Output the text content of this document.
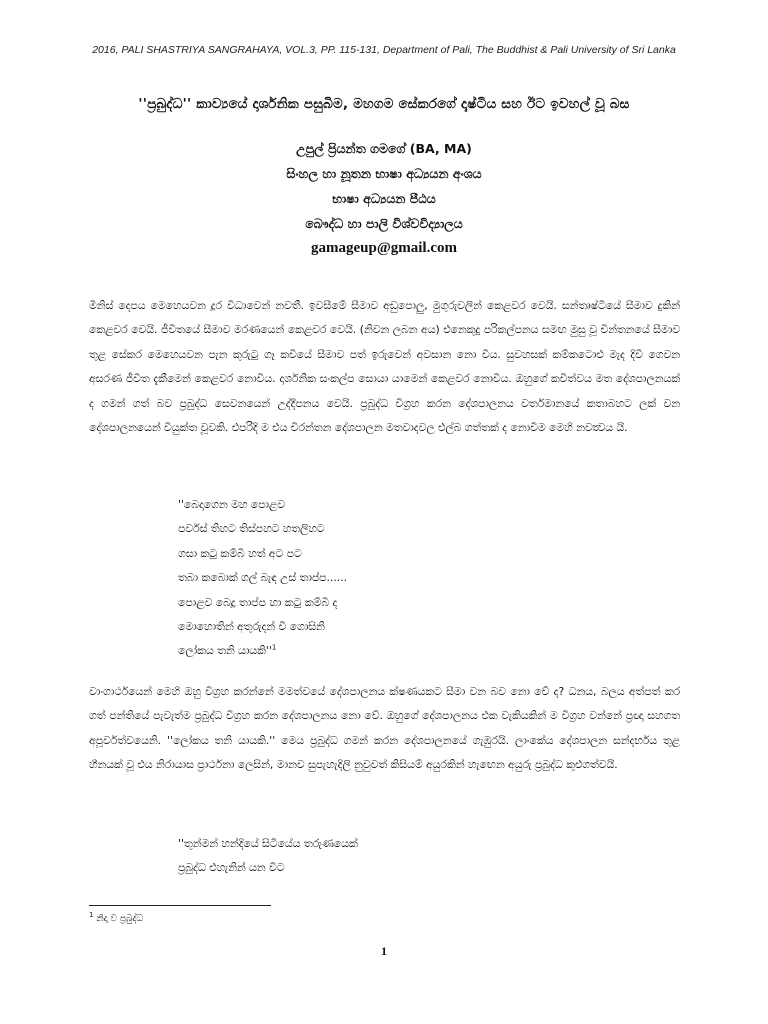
2016, PALI SHASTRIYA SANGRAHAYA, VOL.3, PP. 115-131, Department of Pali, The Buddhist & Pali University of Sri Lanka
''ප්‍රබුද්ධ'' කාව්‍යයේ දාර්ශනික පසුබිම, මහගම සේකරගේ දෘෂ්ටිය සහ ඊට ඉවහල් වූ බස
උපුල් ප්‍රියන්ත ගමගේ (BA, MA)
සිංහල හා නූතන භාෂා අධ්‍යයන අංශය
භාෂා අධ්‍යයන පීඨය
බෞද්ධ හා පාලි විශ්වවිද්‍යාලය
gamageup@gmail.com
මිනිස් දෙපය මෙහෙයවන දූර විධාවෙන් නවතී. ඉවසීමේ සීමාව අඩුපොලු, මුගුරුවලින් කෙළවර වෙයි. සන්තෘෂ්ටියේ සීමාව දුකින් කෙළවර වෙයි. ජීවිතයේ සීමාව මරණයෙන් කෙළවර වෙයි. (නිවන ලබන අය) එනෙකුදු පරිකල්පනය සමඟ මුසු වූ චින්තනයේ සීමාව තුළ සේකර මෙහෙයවන පැන කුරුටු ගෑ කවියේ සීමාව පත් ඉරුවෙන් අවසාන නො වීය. සුවහසක් කම්කටොළු මැද දිවි ගෙවන අසරණ ජීවිත දැකීමෙන් කෙළවර නොවීය. දාර්ශනික සංකල්ප සොයා යාමෙන් කෙළවර නොවීය. ඔහුගේ කවිත්වය මත දේශපාලනයක් ද ගමන් ගත් බව ප්‍රබුද්ධ සෙවනයෙන් උද්දීපනය වෙයි. ප්‍රබුද්ධ විග්‍රහ කරන දේශපාලනය වර්තමානයේ කතාබහට ලක් වන දේශපාලනයෙන් වියුක්ත වූවකි. එපරිදි ම එය චිරන්තන දේශපාලන මතවාදවල එල්බ ගත්තක් ද නොවීම මෙහි නවත්‍වය යි.
''බෙදාගෙන මහ පොළව
පර්වස් තිහට තිස්පහට හතලිහට
ගසා කටු කම්බි හත් අට පට
තබා කබොක් ගල් බැඳ උස් තාප්ප......
පොළව බෙදූ තාප්ප හා කටු කම්බි ද
මොහොතින් අතුරුදන් වී ගොසිනි
ලෝකය තනි $යායකි''^1$
වාංගාර්ථයෙන් මෙහි ඔහු විග්‍රහ කරන්නේ මමත්වයේ දේශපාලනය ක්ෂණයකට සීමා වන බව නො වේ ද? ධනය, බලය අත්පත් කර ගත් පන්තියේ පැවැත්ම ප්‍රබුද්ධ විග්‍රහ කරන දේශපාලනය නො වේ. ඔහුගේ දේශපාලනය එක වැකියකින් ම විග්‍රහ වන්නේ ප්‍රඥා සහගත අපූර්වත්වයෙනි. ''ලෝකය තනි යායකි.'' මෙය ප්‍රබුද්ධ ගමන් කරන දේශපාලනයේ ගැඹුරයි. ලාංකේය දේශපාලන සන්දර්භය තුළ හීනයක් වූ එය නිරායාස ප්‍රාර්ථනා ලෙසින්, මානව සුපැහැදිලි නුවුවත් කිසියම් අයුරකින් හැඟෙන අයුරු ප්‍රබුද්ධ කුළුගත්වයි.
''තුන්මන් හන්දියේ සිටියේය තරුණයෙක්
ප්‍රබුද්ධ එහැනින් යන විට
$^1$ නිදා ව ප්‍රබුද්ධ
1
